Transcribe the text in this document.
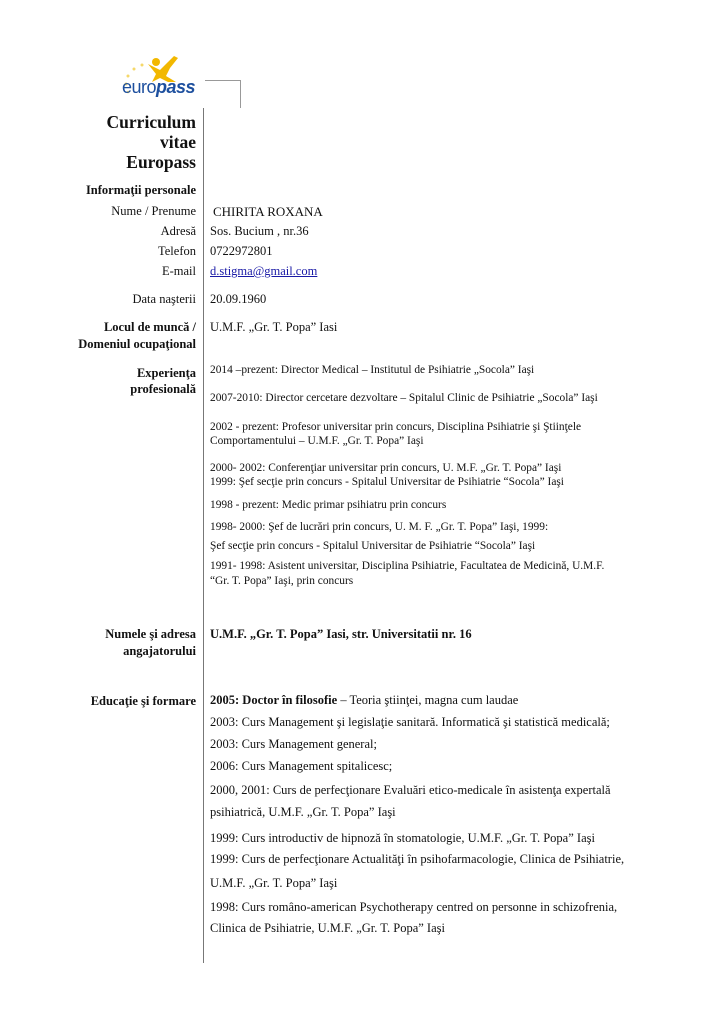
europass
Curriculum
vitae
Europass
Informaţii personale
Nume / Prenume CHIRITA ROXANA
Adresă Sos. Bucium , nr.36
Telefon 0722972801
E-mail d.stigma@gmail.com
Data naşterii 20.09.1960
Locul de muncă /
Domeniul ocupaţional
U.M.F. „Gr. T. Popa” Iasi
Experienţa
profesională
2014 –prezent: Director Medical – Institutul de Psihiatrie „Socola” Iaşi
2007-2010: Director cercetare dezvoltare – Spitalul Clinic de Psihiatrie „Socola” Iaşi
2002 - prezent: Profesor universitar prin concurs, Disciplina Psihiatrie şi Ştiinţele
Comportamentului – U.M.F. „Gr. T. Popa” Iaşi
2000- 2002: Conferenţiar universitar prin concurs, U. M.F. „Gr. T. Popa” Iaşi
1999: Şef secţie prin concurs - Spitalul Universitar de Psihiatrie “Socola” Iaşi
1998 - prezent: Medic primar psihiatru prin concurs
1998- 2000: Şef de lucrări prin concurs, U. M. F. „Gr. T. Popa” Iaşi, 1999:
Şef secţie prin concurs - Spitalul Universitar de Psihiatrie “Socola” Iaşi
1991- 1998: Asistent universitar, Disciplina Psihiatrie, Facultatea de Medicină, U.M.F.
“Gr. T. Popa” Iaşi, prin concurs
Numele şi adresa
angajatorului
U.M.F. „Gr. T. Popa” Iasi, str. Universitatii nr. 16
Educaţie şi formare 2005: Doctor în filosofie – Teoria ştiinţei, magna cum laudae
2003: Curs Management şi legislaţie sanitară. Informatică şi statistică medicală;
2003: Curs Management general;
2006: Curs Management spitalicesc;
2000, 2001: Curs de perfecţionare Evaluări etico-medicale în asistenţa expertală
psihiatrică, U.M.F. „Gr. T. Popa” Iaşi
1999: Curs introductiv de hipnoză în stomatologie, U.M.F. „Gr. T. Popa” Iaşi
1999: Curs de perfecţionare Actualităţi în psihofarmacologie, Clinica de Psihiatrie,
U.M.F. „Gr. T. Popa” Iaşi
1998: Curs româno-american Psychotherapy centred on personne in schizofrenia,
Clinica de Psihiatrie, U.M.F. „Gr. T. Popa” Iaşi
